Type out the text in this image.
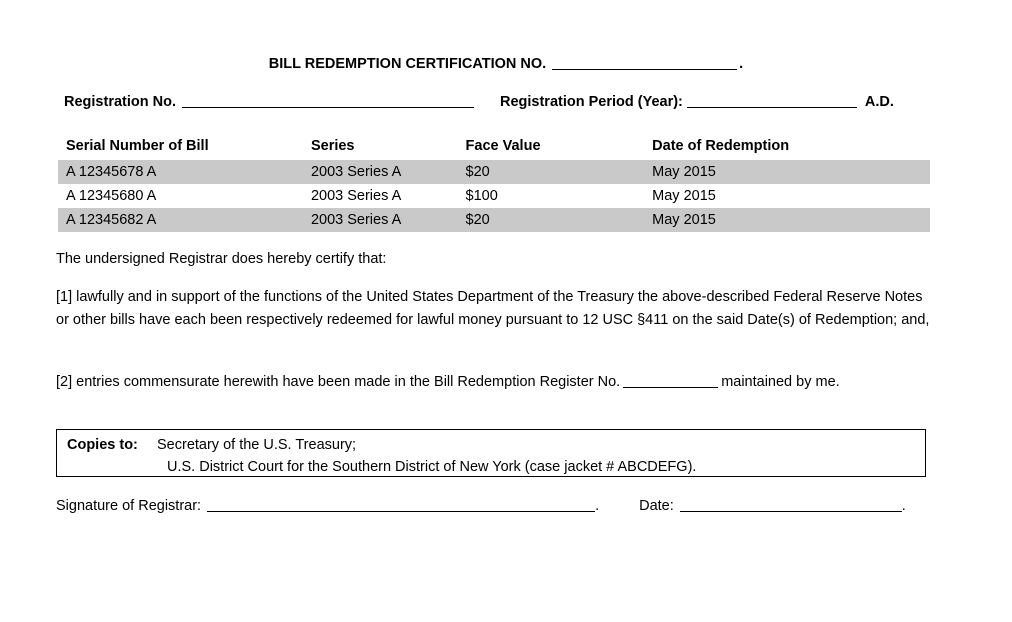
BILL REDEMPTION CERTIFICATION NO.	.
Registration No.	Registration Period (Year):	A.D.
Serial Number of Bill	Series	Face Value	Date of Redemption
A 12345678 A	2003 Series A	$20	May 2015
A 12345680 A	2003 Series A	$100	May 2015
A 12345682 A	2003 Series A	$20	May 2015
The undersigned Registrar does hereby certify that:
[1] lawfully and in support of the functions of the United States Department of the Treasury the above-described Federal Reserve Notes or other bills have each been respectively redeemed for lawful money pursuant to 12 USC §411 on the said Date(s) of Redemption; and,
[2] entries commensurate herewith have been made in the Bill Redemption Register No.	maintained by me.
Copies to: Secretary of the U.S. Treasury;
U.S. District Court for the Southern District of New York (case jacket # ABCDEFG).
Signature of Registrar:	.	Date:	.
